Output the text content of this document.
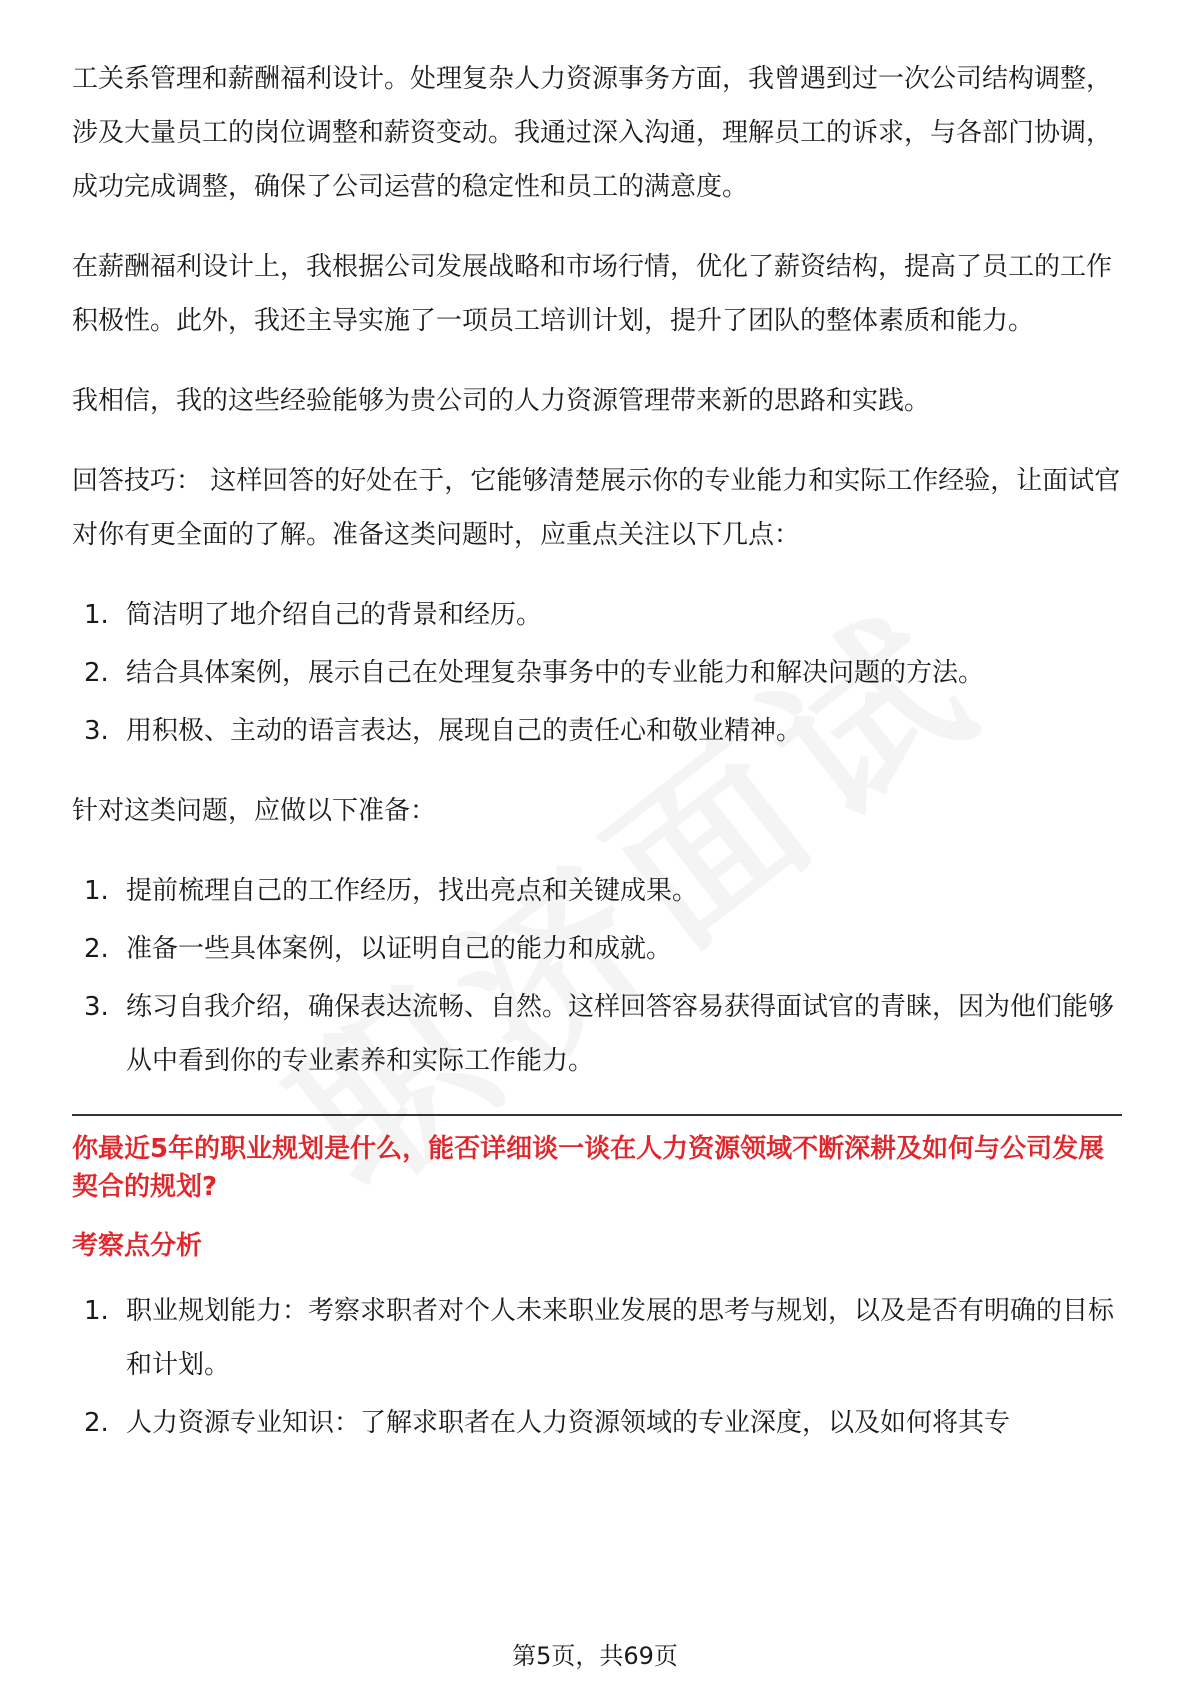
工关系管理和薪酬福利设计。处理复杂人力资源事务方面，我曾遇到过一次公司结构调整，涉及大量员工的岗位调整和薪资变动。我通过深入沟通，理解员工的诉求，与各部门协调，成功完成调整，确保了公司运营的稳定性和员工的满意度。

在薪酬福利设计上，我根据公司发展战略和市场行情，优化了薪资结构，提高了员工的工作积极性。此外，我还主导实施了一项员工培训计划，提升了团队的整体素质和能力。

我相信，我的这些经验能够为贵公司的人力资源管理带来新的思路和实践。

回答技巧： 这样回答的好处在于，它能够清楚展示你的专业能力和实际工作经验，让面试官对你有更全面的了解。准备这类问题时，应重点关注以下几点：

1. 简洁明了地介绍自己的背景和经历。
2. 结合具体案例，展示自己在处理复杂事务中的专业能力和解决问题的方法。
3. 用积极、主动的语言表达，展现自己的责任心和敬业精神。

针对这类问题，应做以下准备：

1. 提前梳理自己的工作经历，找出亮点和关键成果。
2. 准备一些具体案例，以证明自己的能力和成就。
3. 练习自我介绍，确保表达流畅、自然。这样回答容易获得面试官的青睐，因为他们能够从中看到你的专业素养和实际工作能力。
你最近5年的职业规划是什么，能否详细谈一谈在人力资源领域不断深耕及如何与公司发展契合的规划?
考察点分析
1. 职业规划能力：考察求职者对个人未来职业发展的思考与规划，以及是否有明确的目标和计划。
2. 人力资源专业知识：了解求职者在人力资源领域的专业深度，以及如何将其专
第5页，共69页
